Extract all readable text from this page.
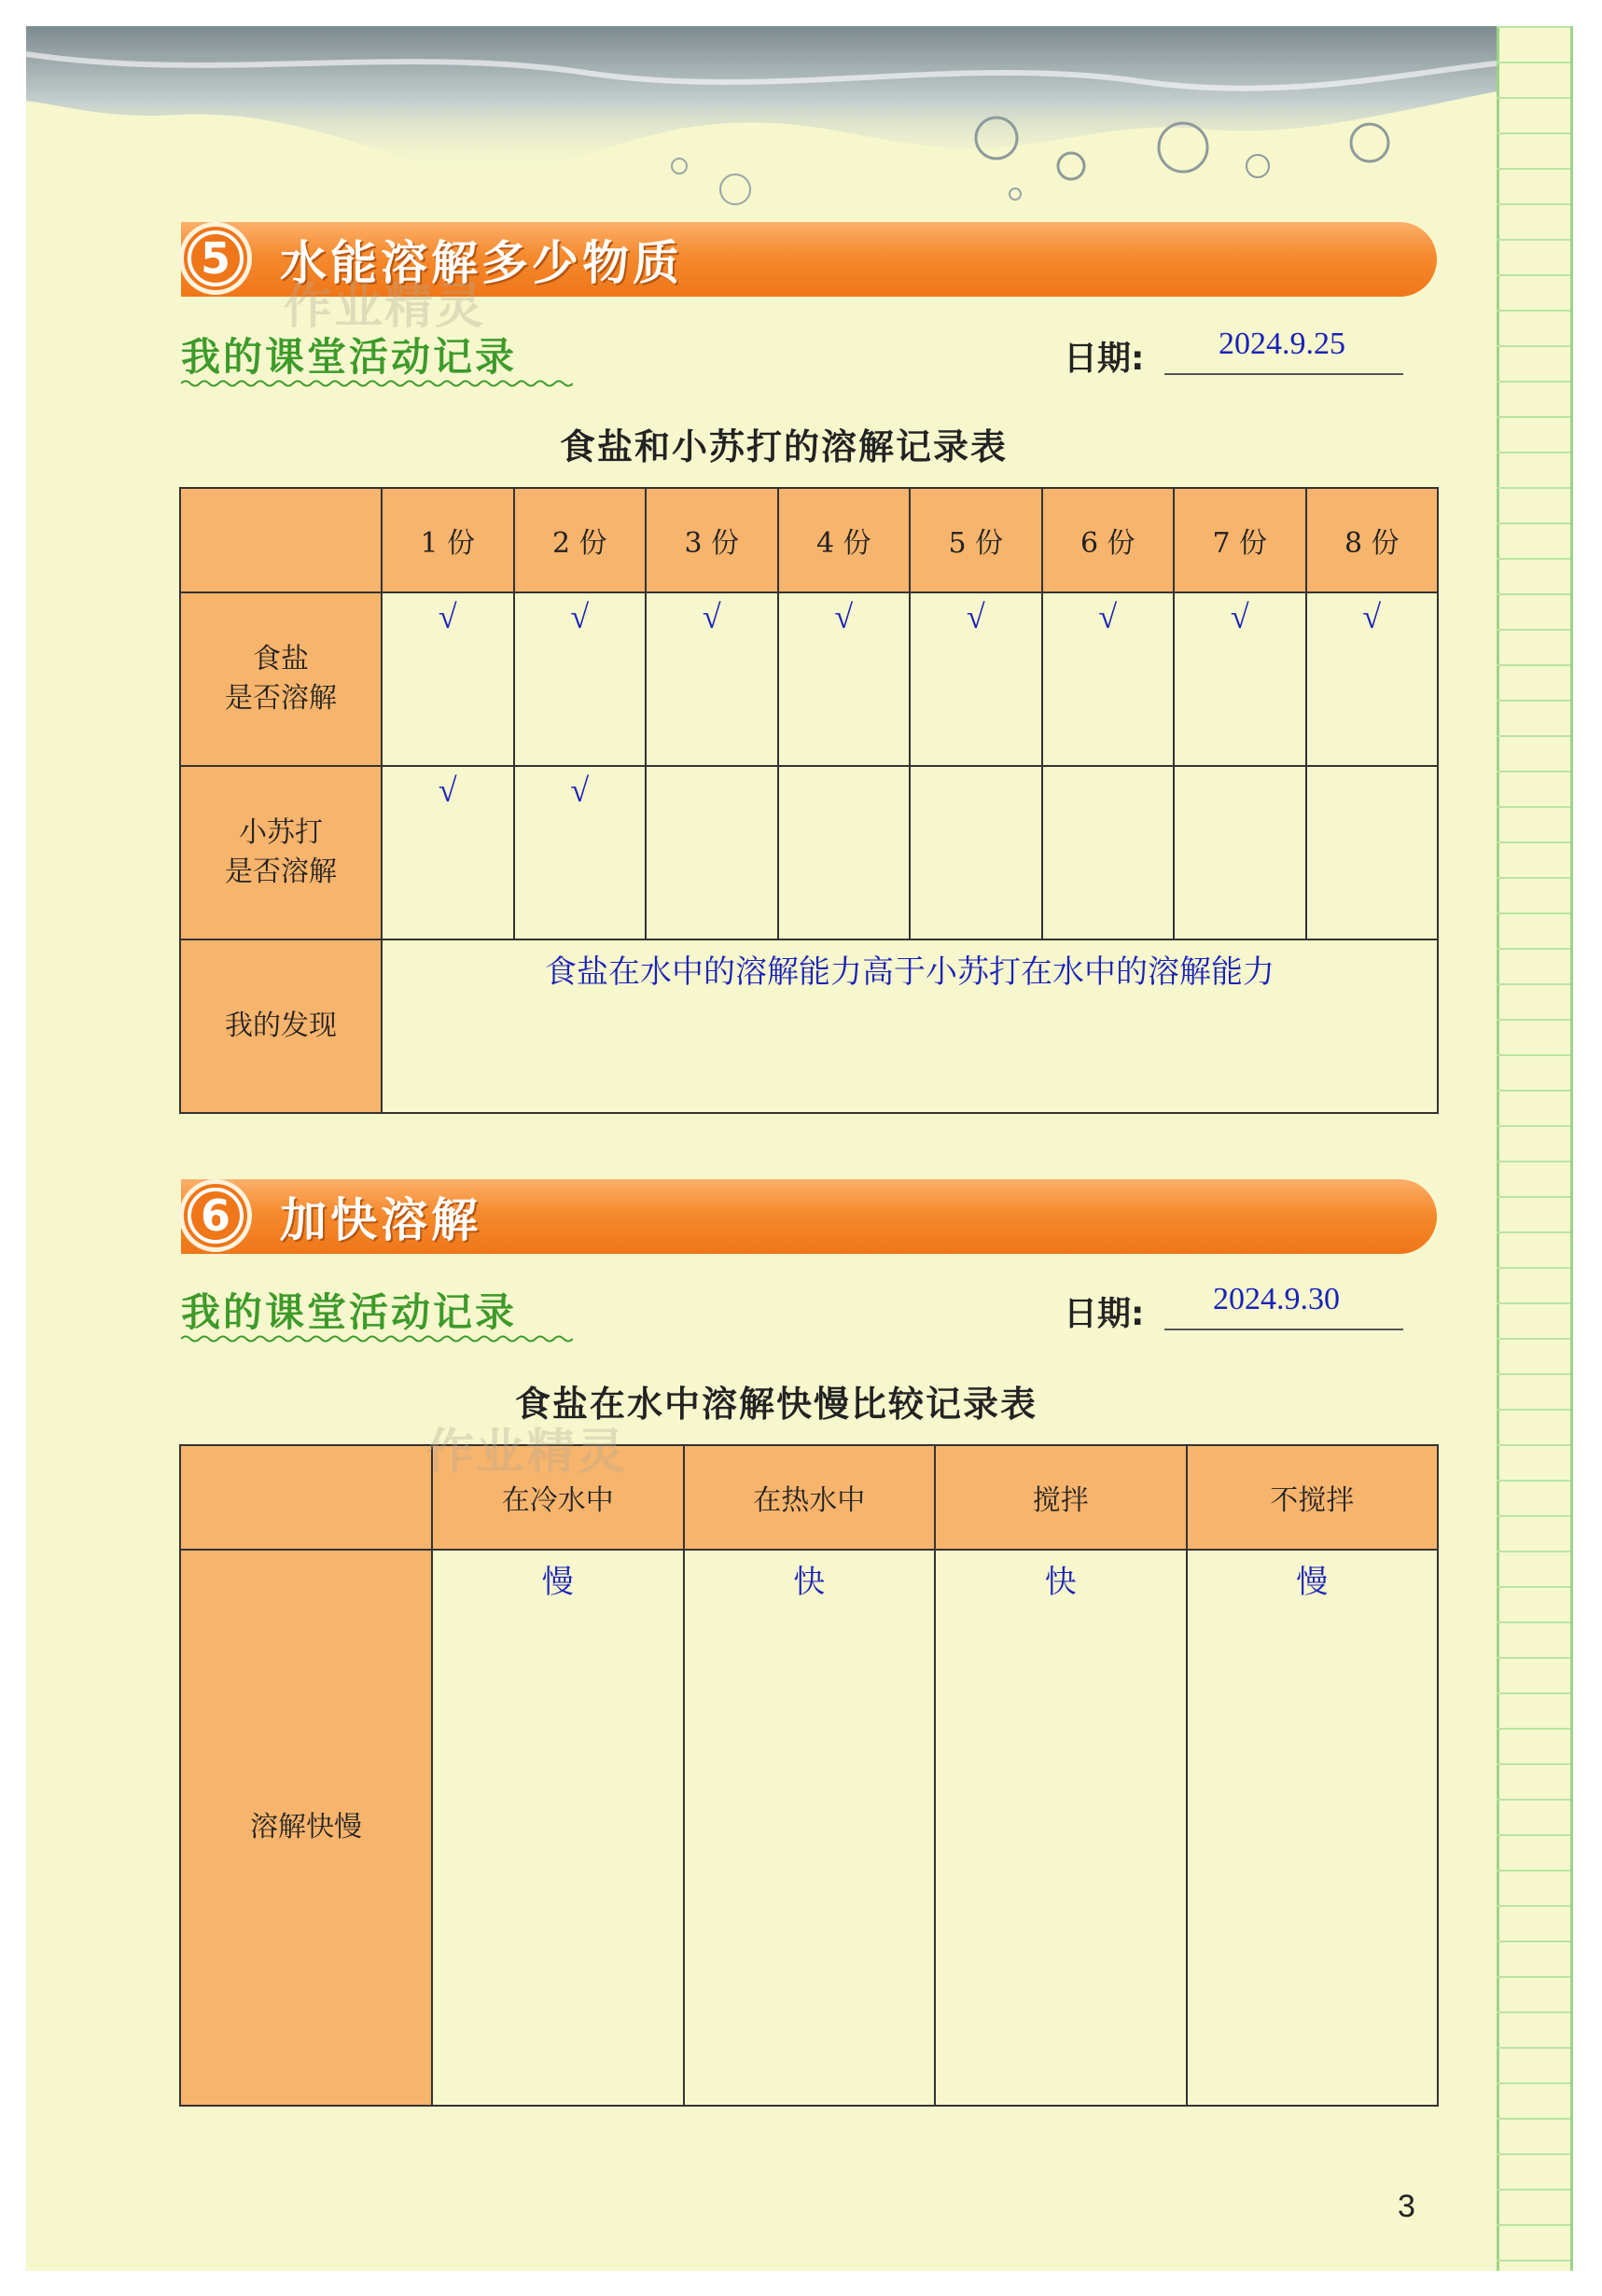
5 水能溶解多少物质
我的课堂活动记录	日期: 2024.9.25
食盐和小苏打的溶解记录表
	1 份	2 份	3 份	4 份	5 份	6 份	7 份	8 份
食盐
是否溶解	√	√	√	√	√	√	√	√

小苏打
是否溶解	√	√						

我的发现	食盐在水中的溶解能力高于小苏打在水中的溶解能力							
6 加快溶解
我的课堂活动记录	日期: 2024.9.30
食盐在水中溶解快慢比较记录表
	在冷水中	在热水中	搅拌	不搅拌
溶解快慢	慢	快	快	慢
作业精灵
作业精灵
3
